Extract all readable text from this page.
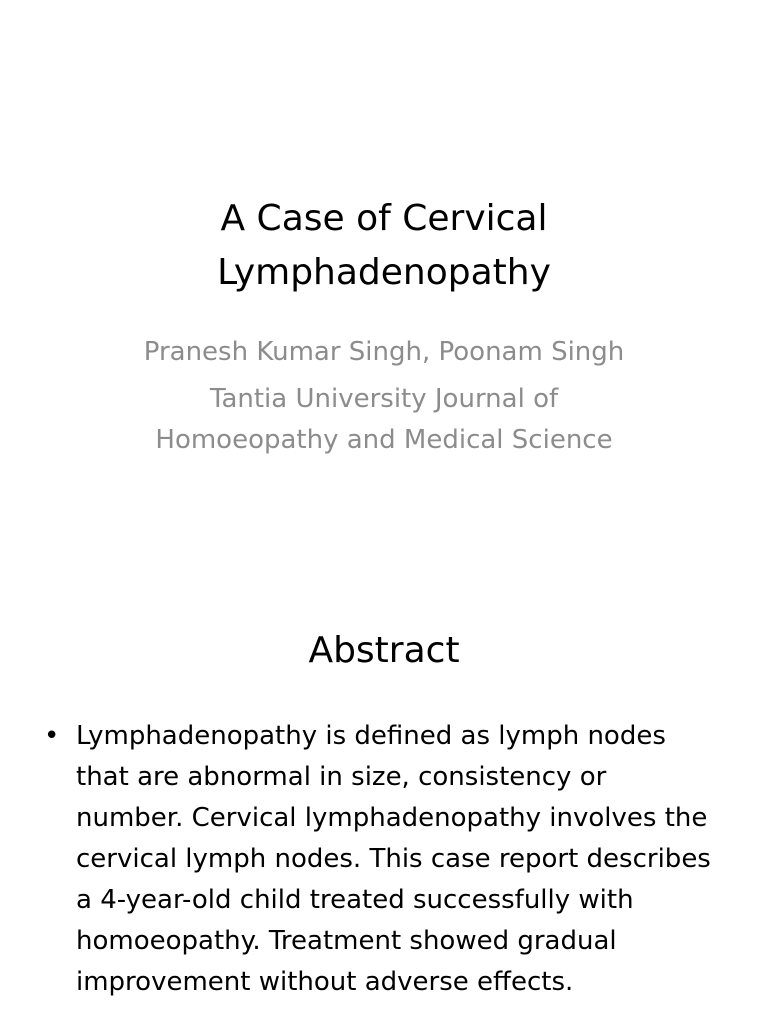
A Case of Cervical
Lymphadenopathy
Pranesh Kumar Singh, Poonam Singh
Tantia University Journal of
Homoeopathy and Medical Science
Abstract
• Lymphadenopathy is defined as lymph nodes that are abnormal in size, consistency or number. Cervical lymphadenopathy involves the cervical lymph nodes. This case report describes a 4-year-old child treated successfully with homoeopathy. Treatment showed gradual improvement without adverse effects.
